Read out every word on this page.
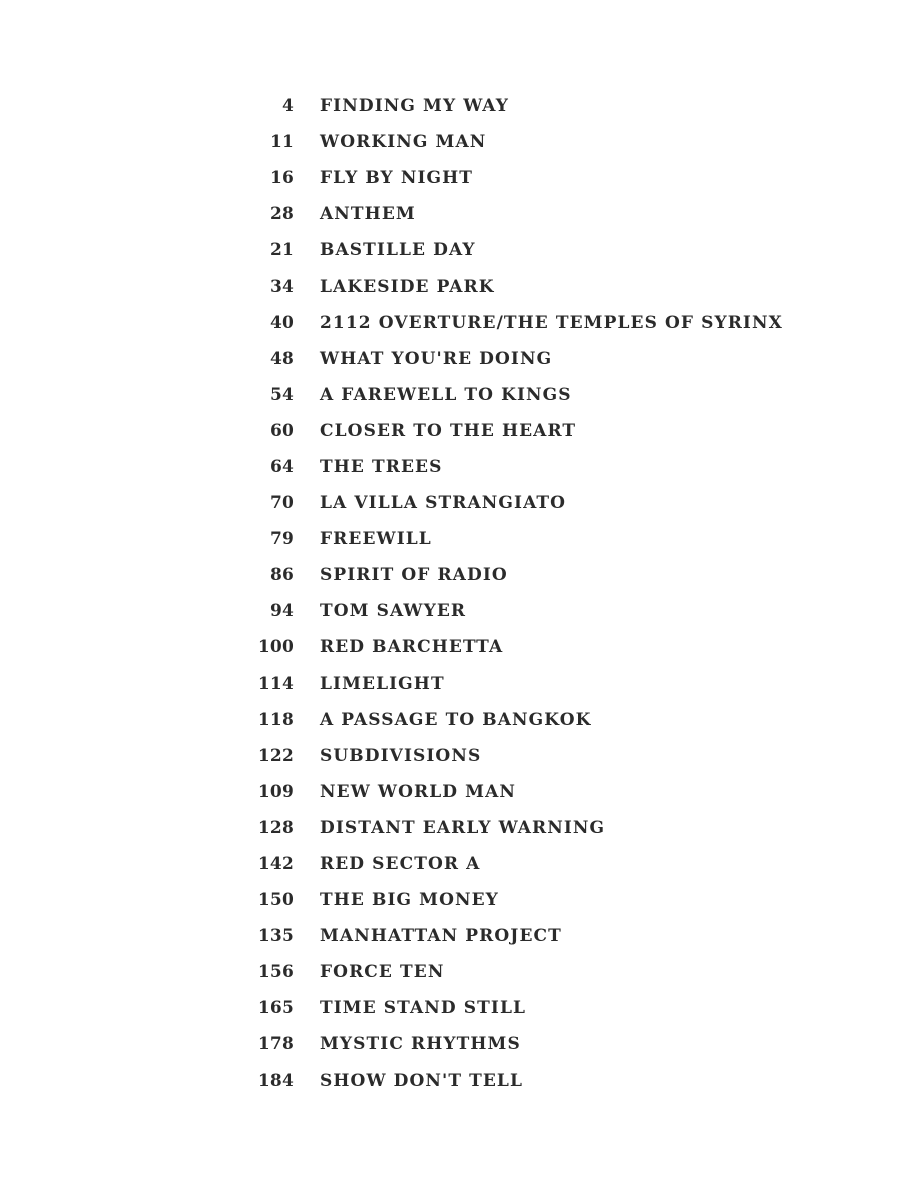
4 FINDING MY WAY
11 WORKING MAN
16 FLY BY NIGHT
28 ANTHEM
21 BASTILLE DAY
34 LAKESIDE PARK
40 2112 OVERTURE/THE TEMPLES OF SYRINX
48 WHAT YOU'RE DOING
54 A FAREWELL TO KINGS
60 CLOSER TO THE HEART
64 THE TREES
70 LA VILLA STRANGIATO
79 FREEWILL
86 SPIRIT OF RADIO
94 TOM SAWYER
100 RED BARCHETTA
114 LIMELIGHT
118 A PASSAGE TO BANGKOK
122 SUBDIVISIONS
109 NEW WORLD MAN
128 DISTANT EARLY WARNING
142 RED SECTOR A
150 THE BIG MONEY
135 MANHATTAN PROJECT
156 FORCE TEN
165 TIME STAND STILL
178 MYSTIC RHYTHMS
184 SHOW DON'T TELL
